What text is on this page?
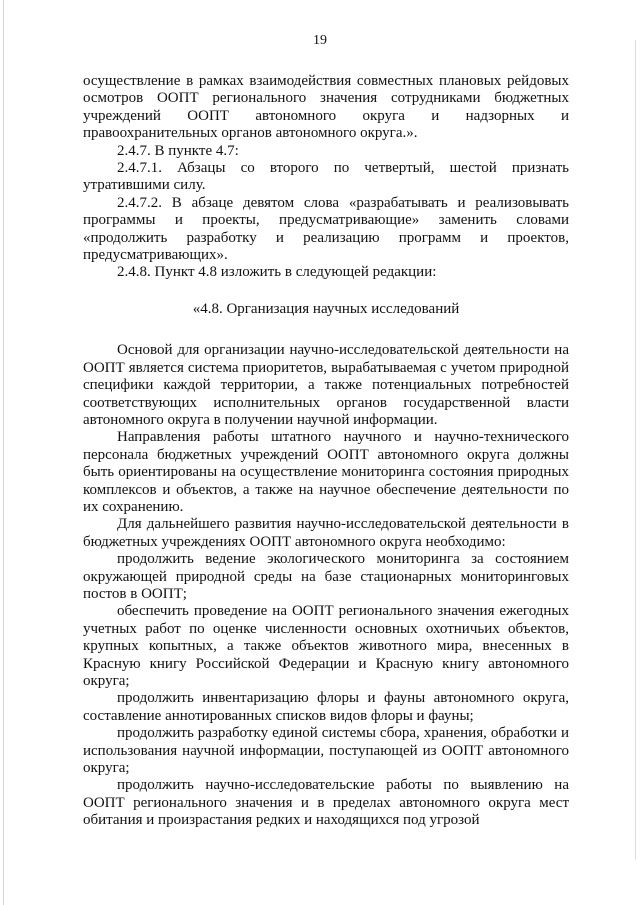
19

осуществление в рамках взаимодействия совместных плановых рейдовых осмотров ООПТ регионального значения сотрудниками бюджетных учреждений ООПТ автономного округа и надзорных и правоохранительных органов автономного округа.».

2.4.7. В пункте 4.7:

2.4.7.1. Абзацы со второго по четвертый, шестой признать утратившими силу.

2.4.7.2. В абзаце девятом слова «разрабатывать и реализовывать программы и проекты, предусматривающие» заменить словами «продолжить разработку и реализацию программ и проектов, предусматривающих».

2.4.8. Пункт 4.8 изложить в следующей редакции:

«4.8. Организация научных исследований

Основой для организации научно-исследовательской деятельности на ООПТ является система приоритетов, вырабатываемая с учетом природной специфики каждой территории, а также потенциальных потребностей соответствующих исполнительных органов государственной власти автономного округа в получении научной информации.

Направления работы штатного научного и научно-технического персонала бюджетных учреждений ООПТ автономного округа должны быть ориентированы на осуществление мониторинга состояния природных комплексов и объектов, а также на научное обеспечение деятельности по их сохранению.

Для дальнейшего развития научно-исследовательской деятельности в бюджетных учреждениях ООПТ автономного округа необходимо:

продолжить ведение экологического мониторинга за состоянием окружающей природной среды на базе стационарных мониторинговых постов в ООПТ;

обеспечить проведение на ООПТ регионального значения ежегодных учетных работ по оценке численности основных охотничьих объектов, крупных копытных, а также объектов животного мира, внесенных в Красную книгу Российской Федерации и Красную книгу автономного округа;

продолжить инвентаризацию флоры и фауны автономного округа, составление аннотированных списков видов флоры и фауны;

продолжить разработку единой системы сбора, хранения, обработки и использования научной информации, поступающей из ООПТ автономного округа;

продолжить научно-исследовательские работы по выявлению на ООПТ регионального значения и в пределах автономного округа мест обитания и произрастания редких и находящихся под угрозой
